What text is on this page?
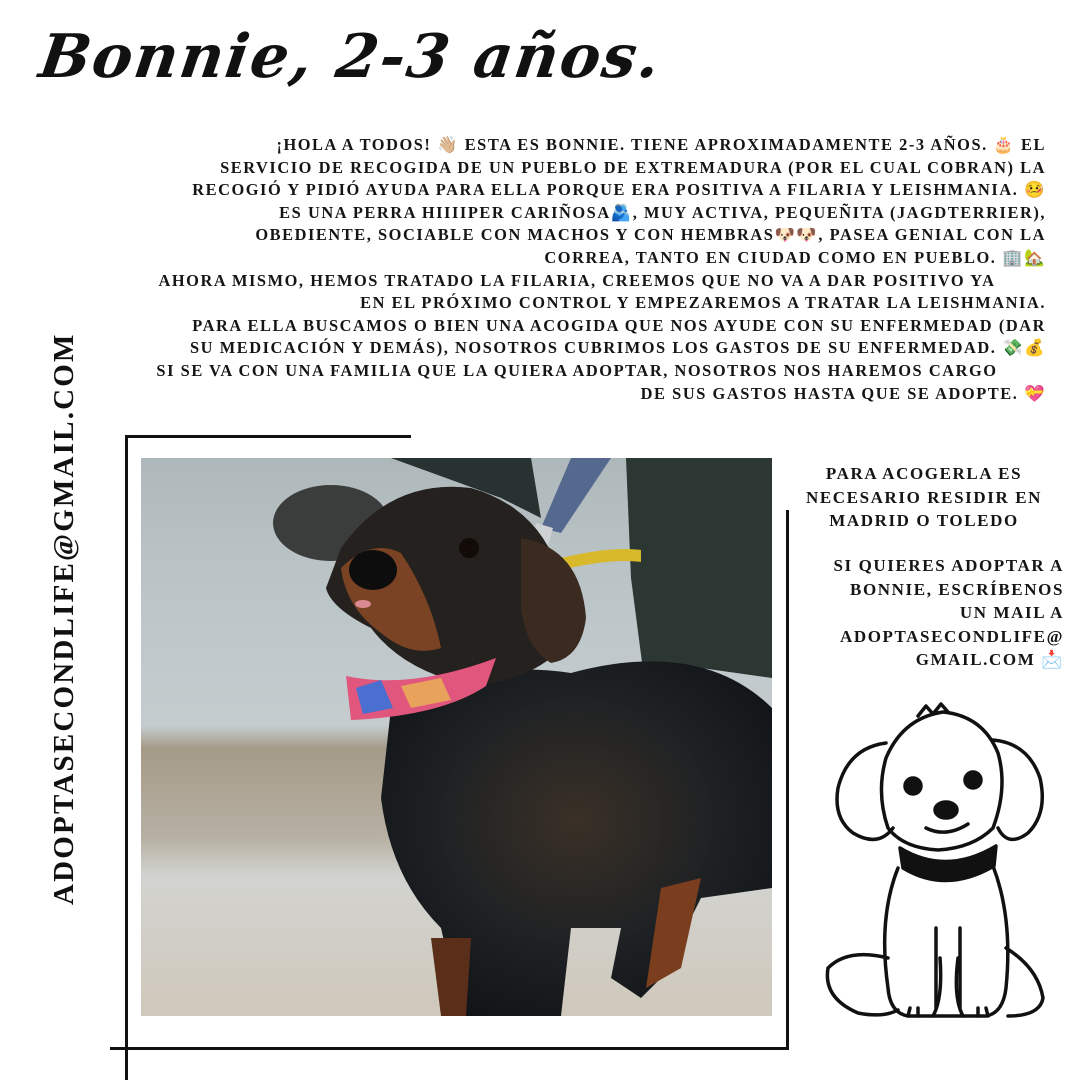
Bonnie, 2-3 años.
¡HOLA A TODOS! 👋🏼 ESTA ES BONNIE. TIENE APROXIMADAMENTE 2-3 AÑOS. 🎂 EL
SERVICIO DE RECOGIDA DE UN PUEBLO DE EXTREMADURA (POR EL CUAL COBRAN) LA
RECOGIÓ Y PIDIÓ AYUDA PARA ELLA PORQUE ERA POSITIVA A FILARIA Y LEISHMANIA. 🤒
ES UNA PERRA HIIIIPER CARIÑOSA🫂, MUY ACTIVA, PEQUEÑITA (JAGDTERRIER),
OBEDIENTE, SOCIABLE CON MACHOS Y CON HEMBRAS🐶🐶, PASEA GENIAL CON LA
CORREA, TANTO EN CIUDAD COMO EN PUEBLO. 🏢🏡
AHORA MISMO, HEMOS TRATADO LA FILARIA, CREEMOS QUE NO VA A DAR POSITIVO YA
EN EL PRÓXIMO CONTROL Y EMPEZAREMOS A TRATAR LA LEISHMANIA.
PARA ELLA BUSCAMOS O BIEN UNA ACOGIDA QUE NOS AYUDE CON SU ENFERMEDAD (DAR
SU MEDICACIÓN Y DEMÁS), NOSOTROS CUBRIMOS LOS GASTOS DE SU ENFERMEDAD. 💸💰
SI SE VA CON UNA FAMILIA QUE LA QUIERA ADOPTAR, NOSOTROS NOS HAREMOS CARGO
DE SUS GASTOS HASTA QUE SE ADOPTE. 💝
ADOPTASECONDLIFE@GMAIL.COM	PARA ACOGERLA ES
NECESARIO RESIDIR EN
MADRID O TOLEDO
SI QUIERES ADOPTAR A
BONNIE, ESCRÍBENOS
UN MAIL A
ADOPTASECONDLIFE@
GMAIL.COM 📩
